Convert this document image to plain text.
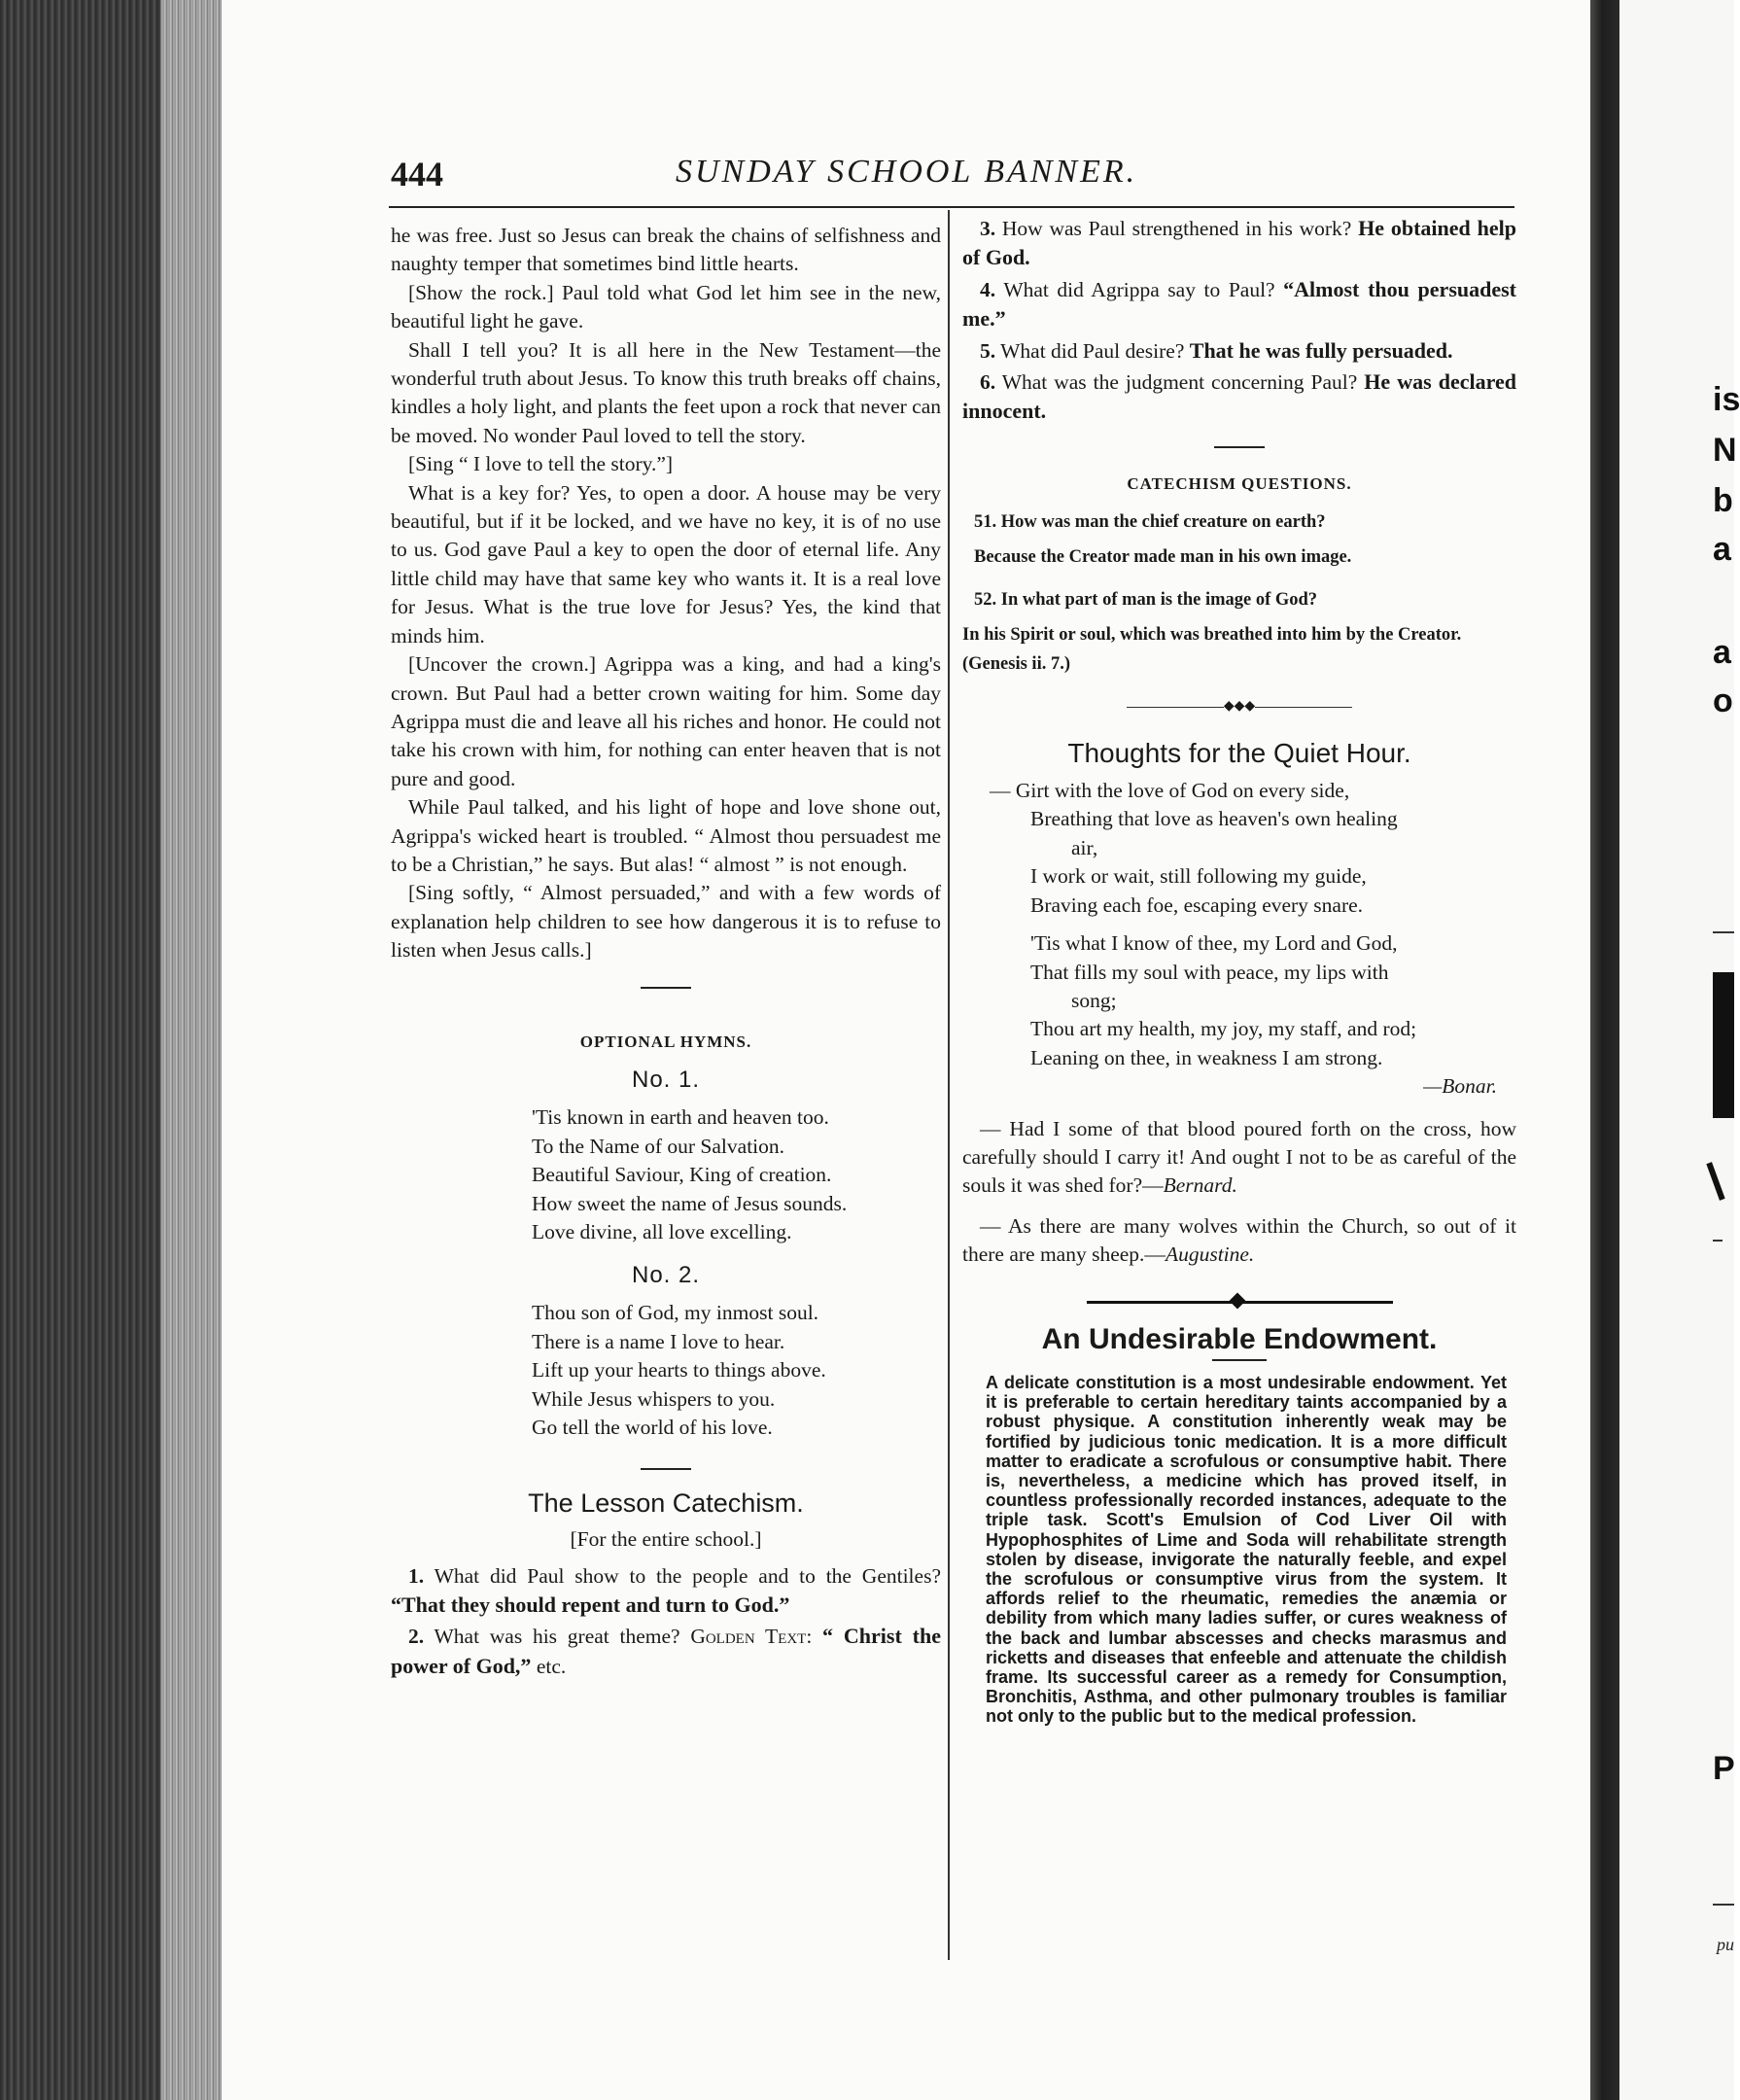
444	SUNDAY SCHOOL BANNER.

he was free. Just so Jesus can break the chains of selfishness and naughty temper that sometimes bind little hearts.

[Show the rock.] Paul told what God let him see in the new, beautiful light he gave.

Shall I tell you? It is all here in the New Testament—the wonderful truth about Jesus. To know this truth breaks off chains, kindles a holy light, and plants the feet upon a rock that never can be moved. No wonder Paul loved to tell the story.

[Sing “ I love to tell the story.”]

What is a key for? Yes, to open a door. A house may be very beautiful, but if it be locked, and we have no key, it is of no use to us. God gave Paul a key to open the door of eternal life. Any little child may have that same key who wants it. It is a real love for Jesus. What is the true love for Jesus? Yes, the kind that minds him.

[Uncover the crown.] Agrippa was a king, and had a king's crown. But Paul had a better crown waiting for him. Some day Agrippa must die and leave all his riches and honor. He could not take his crown with him, for nothing can enter heaven that is not pure and good.

While Paul talked, and his light of hope and love shone out, Agrippa's wicked heart is troubled. “ Almost thou persuadest me to be a Christian,” he says. But alas! “ almost ” is not enough.

[Sing softly, “ Almost persuaded,” and with a few words of explanation help children to see how dangerous it is to refuse to listen when Jesus calls.]

OPTIONAL HYMNS.
No. 1.
'Tis known in earth and heaven too.
To the Name of our Salvation.
Beautiful Saviour, King of creation.
How sweet the name of Jesus sounds.
Love divine, all love excelling.
No. 2.
Thou son of God, my inmost soul.
There is a name I love to hear.
Lift up your hearts to things above.
While Jesus whispers to you.
Go tell the world of his love.
The Lesson Catechism.
[For the entire school.]

1. What did Paul show to the people and to the Gentiles? “That they should repent and turn to God.”

2. What was his great theme? Golden Text: “ Christ the power of God,” etc.

3. How was Paul strengthened in his work? He obtained help of God.

4. What did Agrippa say to Paul? “Almost thou persuadest me.”

5. What did Paul desire? That he was fully persuaded.

6. What was the judgment concerning Paul? He was declared innocent.

CATECHISM QUESTIONS.
51. How was man the chief creature on earth?
Because the Creator made man in his own image.
52. In what part of man is the image of God?
In his Spirit or soul, which was breathed into him by the Creator. (Genesis ii. 7.)
◆◆◆
Thoughts for the Quiet Hour.
— Girt with the love of God on every side,
Breathing that love as heaven's own healing
air,
I work or wait, still following my guide,
Braving each foe, escaping every snare.
'Tis what I know of thee, my Lord and God,
That fills my soul with peace, my lips with
song;
Thou art my health, my joy, my staff, and rod;
Leaning on thee, in weakness I am strong.
—Bonar.

— Had I some of that blood poured forth on the cross, how carefully should I carry it! And ought I not to be as careful of the souls it was shed for?—Bernard.

— As there are many wolves within the Church, so out of it there are many sheep.—Augustine.

An Undesirable Endowment.
A delicate constitution is a most undesirable endowment. Yet it is preferable to certain hereditary taints accompanied by a robust physique. A constitution inherently weak may be fortified by judicious tonic medication. It is a more difficult matter to eradicate a scrofulous or consumptive habit. There is, nevertheless, a medicine which has proved itself, in countless professionally recorded instances, adequate to the triple task. Scott's Emulsion of Cod Liver Oil with Hypophosphites of Lime and Soda will rehabilitate strength stolen by disease, invigorate the naturally feeble, and expel the scrofulous or consumptive virus from the system. It affords relief to the rheumatic, remedies the anæmia or debility from which many ladies suffer, or cures weakness of the back and lumbar abscesses and checks marasmus and ricketts and diseases that enfeeble and attenuate the childish frame. Its successful career as a remedy for Consumption, Bronchitis, Asthma, and other pulmonary troubles is familiar not only to the public but to the medical profession.
is
N
b
a
a
o
P
pu
